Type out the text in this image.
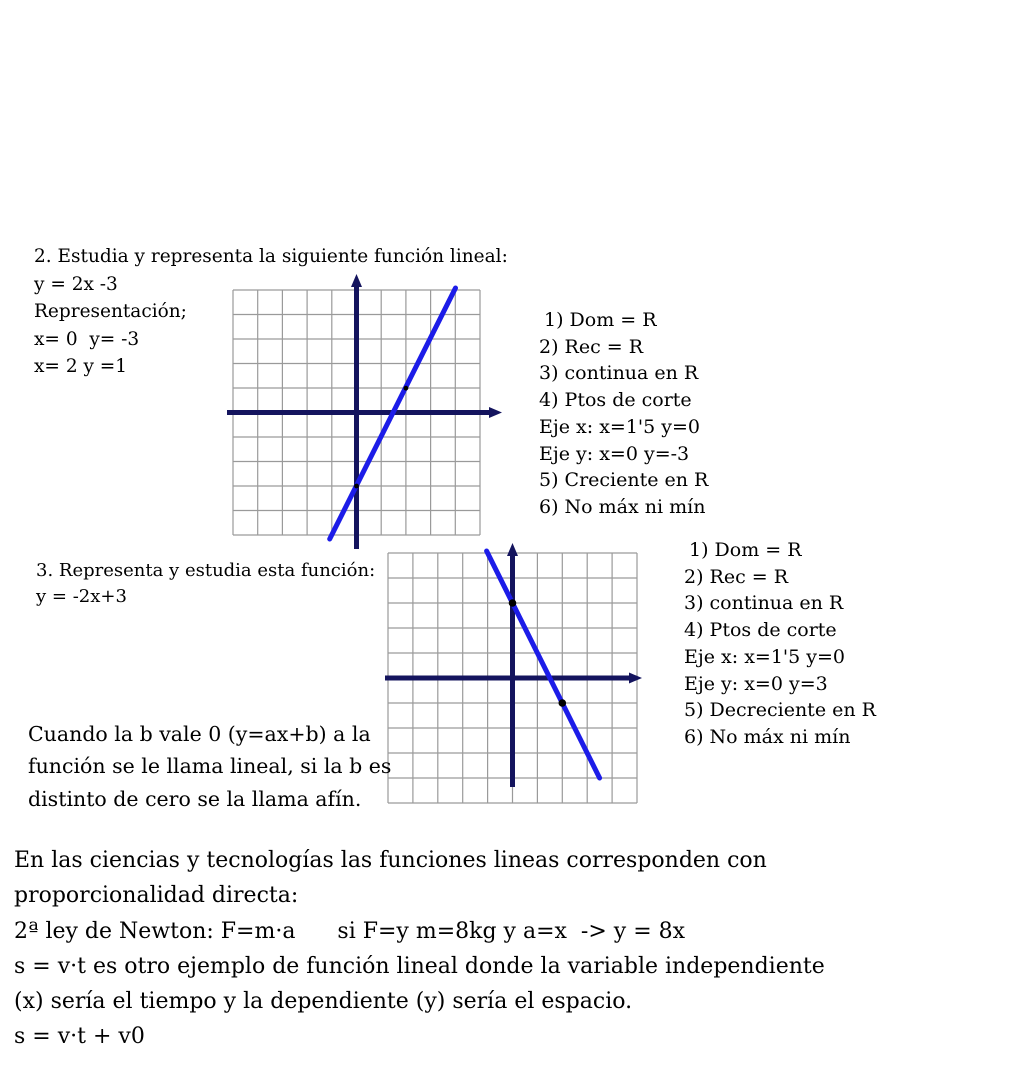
2. Estudia y representa la siguiente función lineal:
y = 2x -3
Representación;
x= 0  y= -3
x= 2 y =1
1) Dom = R
2) Rec = R
3) continua en R
4) Ptos de corte
Eje x: x=1'5 y=0
Eje y: x=0 y=-3
5) Creciente en R
6) No máx ni mín
3. Representa y estudia esta función:
y = -2x+3
1) Dom = R
2) Rec = R
3) continua en R
4) Ptos de corte
Eje x: x=1'5 y=0
Eje y: x=0 y=3
5) Decreciente en R
6) No máx ni mín
Cuando la b vale 0 (y=ax+b) a la
función se le llama lineal, si la b es
distinto de cero se la llama afín.
En las ciencias y tecnologías las funciones lineas corresponden con
proporcionalidad directa:
2ª ley de Newton: F=m·a      si F=y m=8kg y a=x  -> y = 8x
s = v·t es otro ejemplo de función lineal donde la variable independiente
(x) sería el tiempo y la dependiente (y) sería el espacio.
s = v·t + v0
